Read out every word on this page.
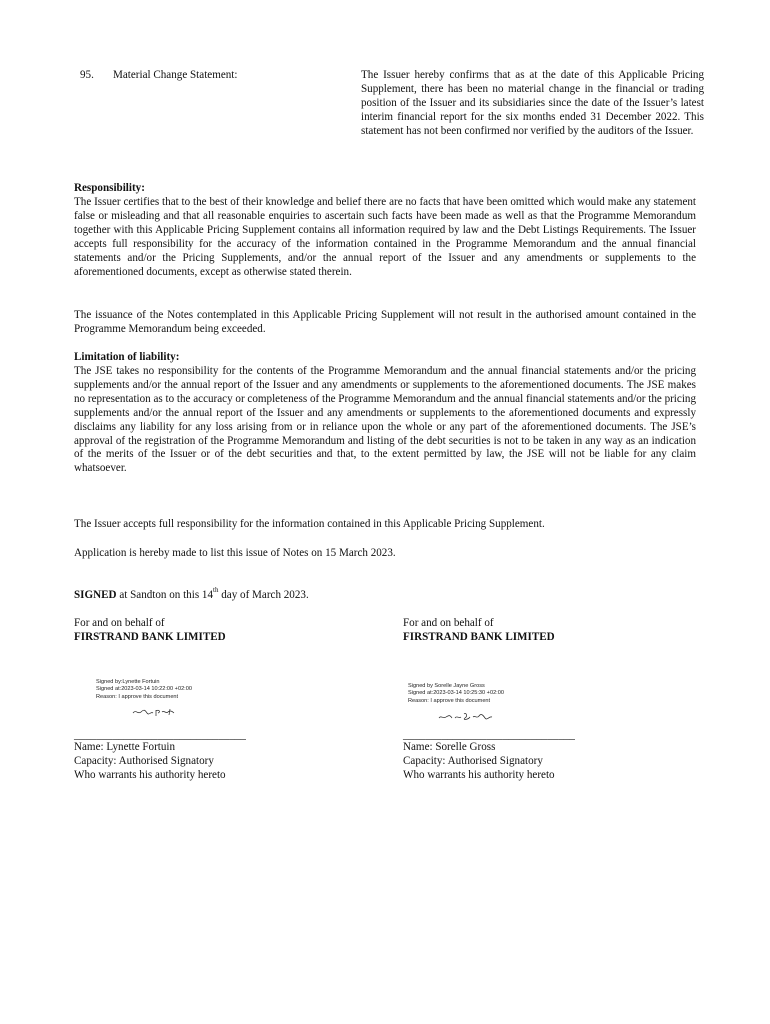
95. Material Change Statement:	The Issuer hereby confirms that as at the date of this Applicable Pricing Supplement, there has been no material change in the financial or trading position of the Issuer and its subsidiaries since the date of the Issuer’s latest interim financial report for the six months ended 31 December 2022. This statement has not been confirmed nor verified by the auditors of the Issuer.
Responsibility:
The Issuer certifies that to the best of their knowledge and belief there are no facts that have been omitted which would make any statement false or misleading and that all reasonable enquiries to ascertain such facts have been made as well as that the Programme Memorandum together with this Applicable Pricing Supplement contains all information required by law and the Debt Listings Requirements. The Issuer accepts full responsibility for the accuracy of the information contained in the Programme Memorandum and the annual financial statements and/or the Pricing Supplements, and/or the annual report of the Issuer and any amendments or supplements to the aforementioned documents, except as otherwise stated therein.
The issuance of the Notes contemplated in this Applicable Pricing Supplement will not result in the authorised amount contained in the Programme Memorandum being exceeded.
Limitation of liability:
The JSE takes no responsibility for the contents of the Programme Memorandum and the annual financial statements and/or the pricing supplements and/or the annual report of the Issuer and any amendments or supplements to the aforementioned documents. The JSE makes no representation as to the accuracy or completeness of the Programme Memorandum and the annual financial statements and/or the pricing supplements and/or the annual report of the Issuer and any amendments or supplements to the aforementioned documents and expressly disclaims any liability for any loss arising from or in reliance upon the whole or any part of the aforementioned documents. The JSE’s approval of the registration of the Programme Memorandum and listing of the debt securities is not to be taken in any way as an indication of the merits of the Issuer or of the debt securities and that, to the extent permitted by law, the JSE will not be liable for any claim whatsoever.
The Issuer accepts full responsibility for the information contained in this Applicable Pricing Supplement.
Application is hereby made to list this issue of Notes on 15 March 2023.
SIGNED at Sandton on this 14th day of March 2023.
For and on behalf of
FIRSTRAND BANK LIMITED
Signed by:Lynette Fortuin
Signed at:2023-03-14 10:22:00 +02:00
Reason: I approve this document
_______________________________
Name: Lynette Fortuin
Capacity: Authorised Signatory
Who warrants his authority hereto
For and on behalf of
FIRSTRAND BANK LIMITED
Signed by Sorelle Jayne Gross
Signed at:2023-03-14 10:25:30 +02:00
Reason: I approve this document
_______________________________
Name: Sorelle Gross
Capacity: Authorised Signatory
Who warrants his authority hereto
